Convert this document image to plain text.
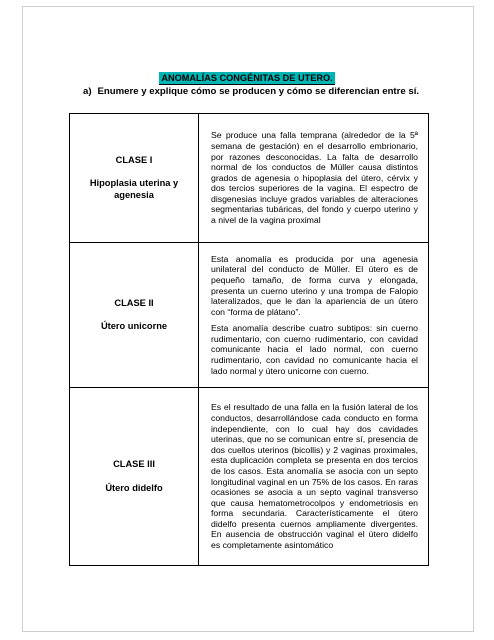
ANOMALÍAS CONGÉNITAS DE UTERO.
a) Enumere y explique cómo se producen y cómo se diferencian entre sí.
CLASE I
Hipoplasia uterina y agenesia	Se produce una falla temprana (alrededor de la 5ª semana de gestación) en el desarrollo embrionario, por razones desconocidas. La falta de desarrollo normal de los conductos de Müller causa distintos grados de agenesia o hipoplasia del útero, cérvix y dos tercios superiores de la vagina. El espectro de disgenesias incluye grados variables de alteraciones segmentarias tubáricas, del fondo y cuerpo uterino y a nivel de la vagina proximal

CLASE II
Útero unicorne	Esta anomalía es producida por una agenesia unilateral del conducto de Müller. El útero es de pequeño tamaño, de forma curva y elongada, presenta un cuerno uterino y una trompa de Falopio lateralizados, que le dan la apariencia de un útero con “forma de plátano”.
Esta anomalía describe cuatro subtipos: sin cuerno rudimentario, con cuerno rudimentario, con cavidad comunicante hacia el lado normal, con cuerno rudimentario, con cavidad no comunicante hacia el lado normal y útero unicorne con cuerno.

CLASE III
Útero didelfo	Es el resultado de una falla en la fusión lateral de los conductos, desarrollándose cada conducto en forma independiente, con lo cual hay dos cavidades uterinas, que no se comunican entre sí, presencia de dos cuellos uterinos (bicollis) y 2 vaginas proximales, esta duplicación completa se presenta en dos tercios de los casos. Esta anomalía se asocia con un septo longitudinal vaginal en un 75% de los casos. En raras ocasiones se asocia a un septo vaginal transverso que causa hematometrocolpos y endometriosis en forma secundaria. Característicamente el útero didelfo presenta cuernos ampliamente divergentes. En ausencia de obstrucción vaginal el útero didelfo es completamente asintomático
